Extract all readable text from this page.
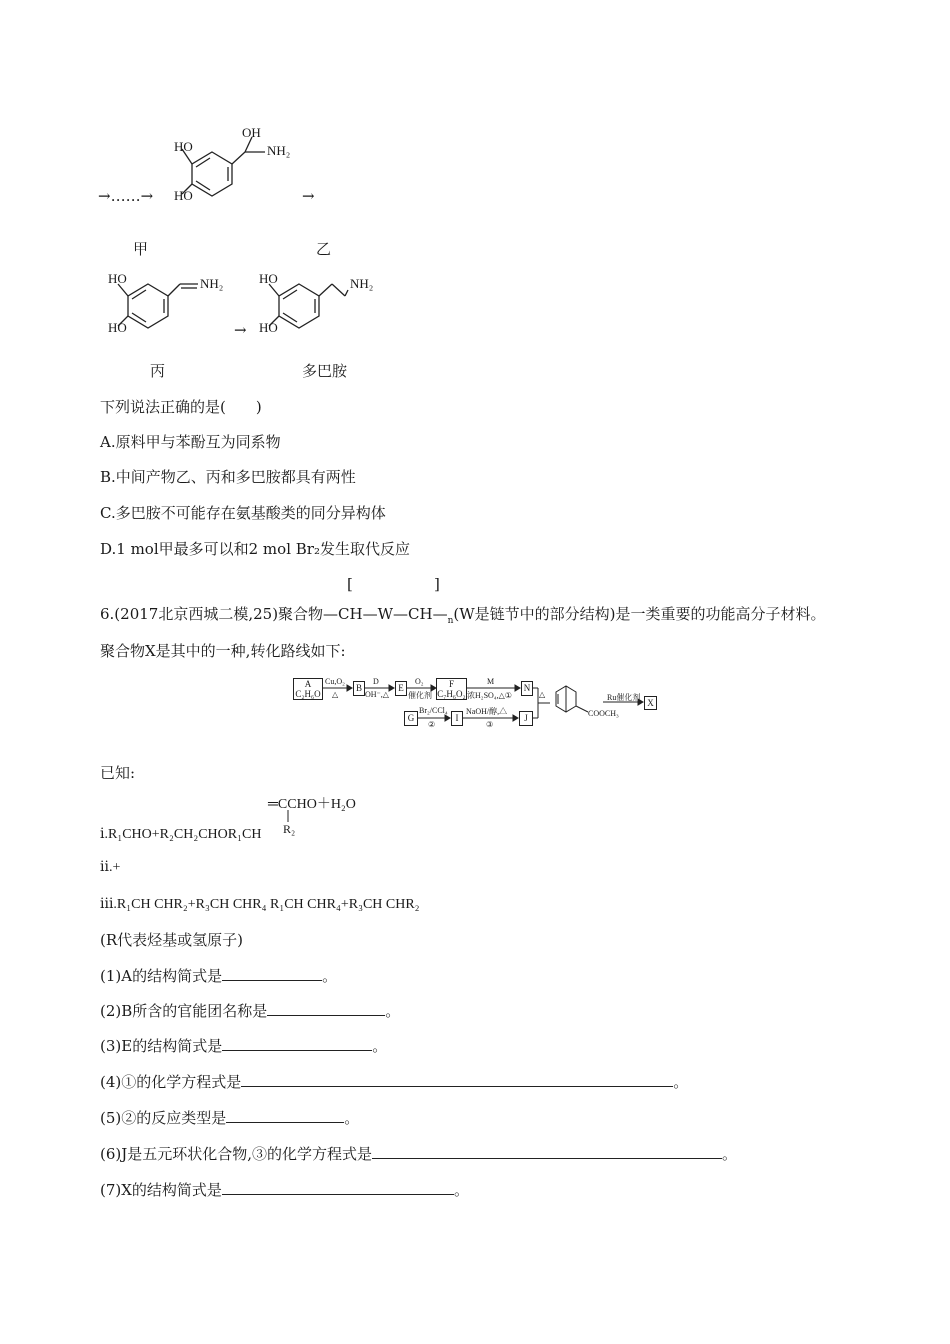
OH
NH₂
HO
HO
→……→	→
甲	乙
NH₂
HO
HO	→
NH₂
HO
HO
丙	多巴胺
下列说法正确的是(　　)
A.原料甲与苯酚互为同系物
B.中间产物乙、丙和多巴胺都具有两性
C.多巴胺不可能存在氨基酸类的同分异构体
D.1 mol甲最多可以和2 mol Br₂发生取代反应
[	]
6.(2017北京西城二模,25)聚合物$—CH—W—CH—_n(W$是链节中的部分结构)是一类重要的功能高分子材料。
聚合物X是其中的一种,转化路线如下:
A
C₂H₆O
Cu,O₂
△
B
D
OH⁻,△
E
O₂
催化剂
F
C₇H₆O₂
M
浓H₂SO₄,△①
N
G
Br₂/CCl₄
②
I
NaOH/醇,△
③
J
△
COOCH₃
Ru催化剂
X
已知:
═CCHO＋H₂O
R₂
ⅰ.R₁CHO+R₂CH₂CHOR₁CH
ⅱ.+
ⅲ.R₁CH CHR₂+R₃CH CHR₄ R₁CH CHR₄+R₃CH CHR₂
(R代表烃基或氢原子)
(1)A的结构简式是	。
(2)B所含的官能团名称是	。
(3)E的结构简式是	。
(4)①的化学方程式是	。
(5)②的反应类型是	。
(6)J是五元环状化合物,③的化学方程式是	。
(7)X的结构简式是	。
